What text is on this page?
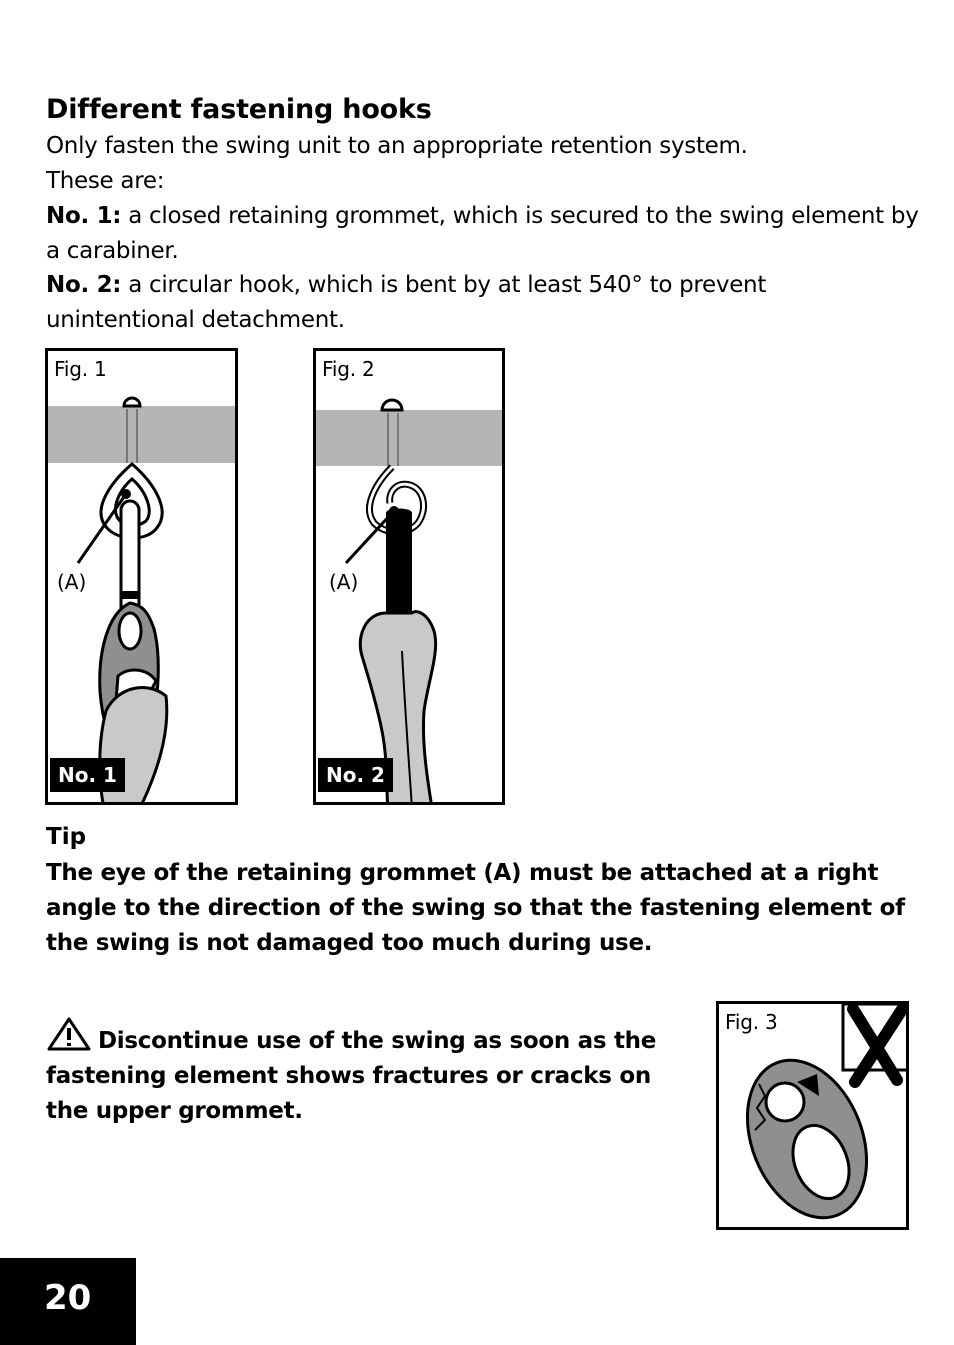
Different fastening hooks
Only fasten the swing unit to an appropriate retention system.
These are:
No. 1: a closed retaining grommet, which is secured to the swing element by a carabiner.
No. 2: a circular hook, which is bent by at least 540° to prevent unintentional detachment.
Fig. 1
(A)
No. 1
Fig. 2
(A)
No. 2
Tip
The eye of the retaining grommet (A) must be attached at a right angle to the direction of the swing so that the fastening element of the swing is not damaged too much during use.
Discontinue use of the swing as soon as the fastening element shows fractures or cracks on the upper grommet.
Fig. 3
20
